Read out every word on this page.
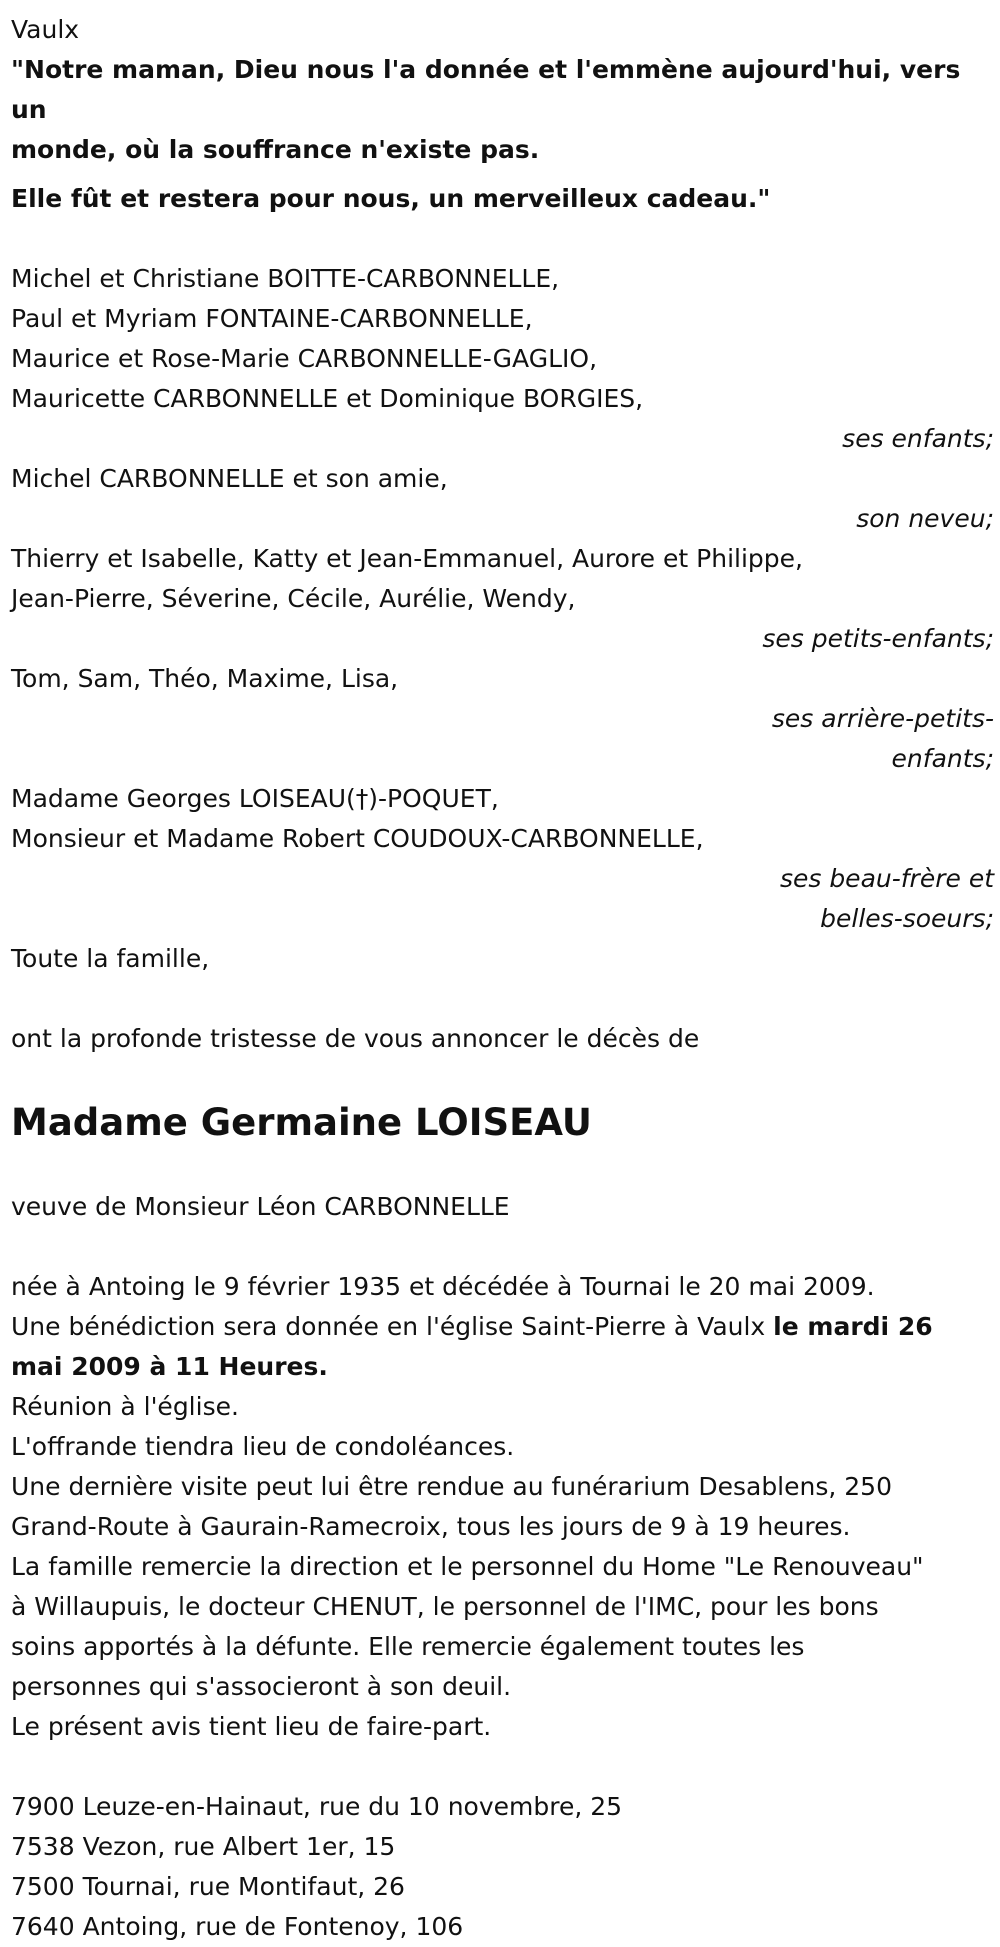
Vaulx
"Notre maman, Dieu nous l'a donnée et l'emmène aujourd'hui, vers un
monde, où la souffrance n'existe pas.
Elle fût et restera pour nous, un merveilleux cadeau."
Michel et Christiane BOITTE-CARBONNELLE,
Paul et Myriam FONTAINE-CARBONNELLE,
Maurice et Rose-Marie CARBONNELLE-GAGLIO,
Mauricette CARBONNELLE et Dominique BORGIES,
ses enfants;
Michel CARBONNELLE et son amie,
son neveu;
Thierry et Isabelle, Katty et Jean-Emmanuel, Aurore et Philippe,
Jean-Pierre, Séverine, Cécile, Aurélie, Wendy,
ses petits-enfants;
Tom, Sam, Théo, Maxime, Lisa,
ses arrière-petits-
enfants;
Madame Georges LOISEAU(†)-POQUET,
Monsieur et Madame Robert COUDOUX-CARBONNELLE,
ses beau-frère et
belles-soeurs;
Toute la famille,
ont la profonde tristesse de vous annoncer le décès de
Madame Germaine LOISEAU
veuve de Monsieur Léon CARBONNELLE
née à Antoing le 9 février 1935 et décédée à Tournai le 20 mai 2009.
Une bénédiction sera donnée en l'église Saint-Pierre à Vaulx le mardi 26
mai 2009 à 11 Heures.
Réunion à l'église.
L'offrande tiendra lieu de condoléances.
Une dernière visite peut lui être rendue au funérarium Desablens, 250
Grand-Route à Gaurain-Ramecroix, tous les jours de 9 à 19 heures.
La famille remercie la direction et le personnel du Home "Le Renouveau"
à Willaupuis, le docteur CHENUT, le personnel de l'IMC, pour les bons
soins apportés à la défunte. Elle remercie également toutes les
personnes qui s'associeront à son deuil.
Le présent avis tient lieu de faire-part.
7900 Leuze-en-Hainaut, rue du 10 novembre, 25
7538 Vezon, rue Albert 1er, 15
7500 Tournai, rue Montifaut, 26
7640 Antoing, rue de Fontenoy, 106
